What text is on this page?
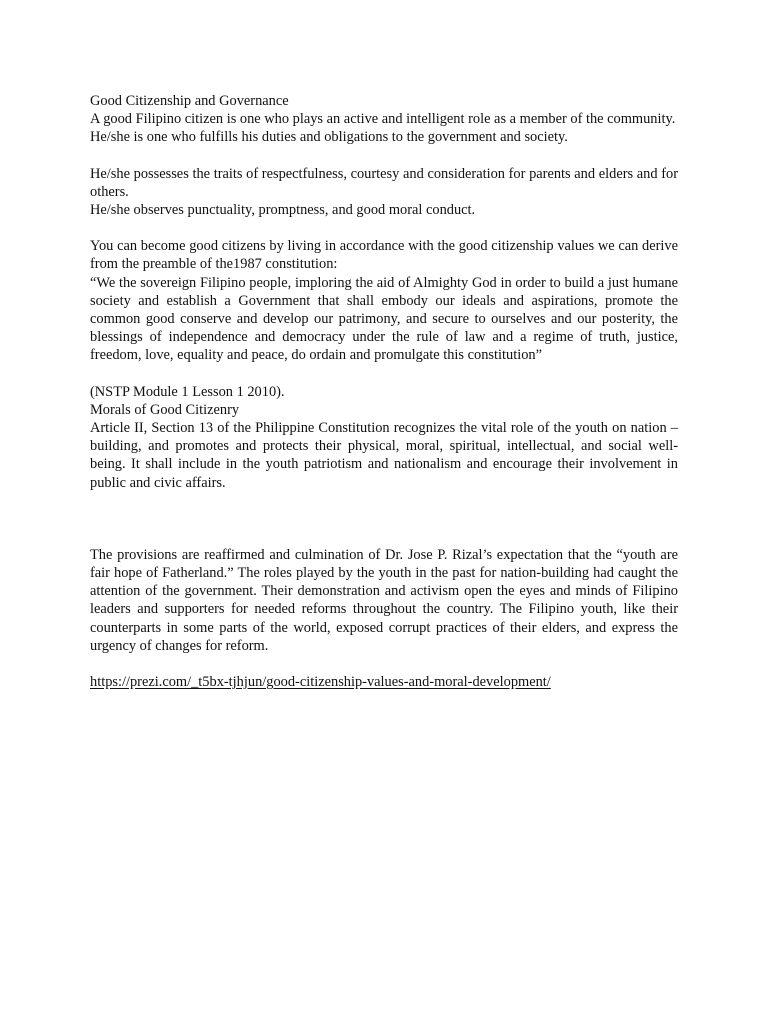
Good Citizenship and Governance

A good Filipino citizen is one who plays an active and intelligent role as a member of the community.

He/she is one who fulfills his duties and obligations to the government and society.

He/she possesses the traits of respectfulness, courtesy and consideration for parents and elders and for others.

He/she observes punctuality, promptness, and good moral conduct.

You can become good citizens by living in accordance with the good citizenship values we can derive from the preamble of the1987 constitution:

“We the sovereign Filipino people, imploring the aid of Almighty God in order to build a just humane society and establish a Government that shall embody our ideals and aspirations, promote the common good conserve and develop our patrimony, and secure to ourselves and our posterity, the blessings of independence and democracy under the rule of law and a regime of truth, justice, freedom, love, equality and peace, do ordain and promulgate this constitution”

(NSTP Module 1 Lesson 1 2010).

Morals of Good Citizenry

Article II, Section 13 of the Philippine Constitution recognizes the vital role of the youth on nation –building, and promotes and protects their physical, moral, spiritual, intellectual, and social well-being. It shall include in the youth patriotism and nationalism and encourage their involvement in public and civic affairs.

The provisions are reaffirmed and culmination of Dr. Jose P. Rizal’s expectation that the “youth are fair hope of Fatherland.” The roles played by the youth in the past for nation-building had caught the attention of the government. Their demonstration and activism open the eyes and minds of Filipino leaders and supporters for needed reforms throughout the country. The Filipino youth, like their counterparts in some parts of the world, exposed corrupt practices of their elders, and express the urgency of changes for reform.

https://prezi.com/_t5bx-tjhjun/good-citizenship-values-and-moral-development/
